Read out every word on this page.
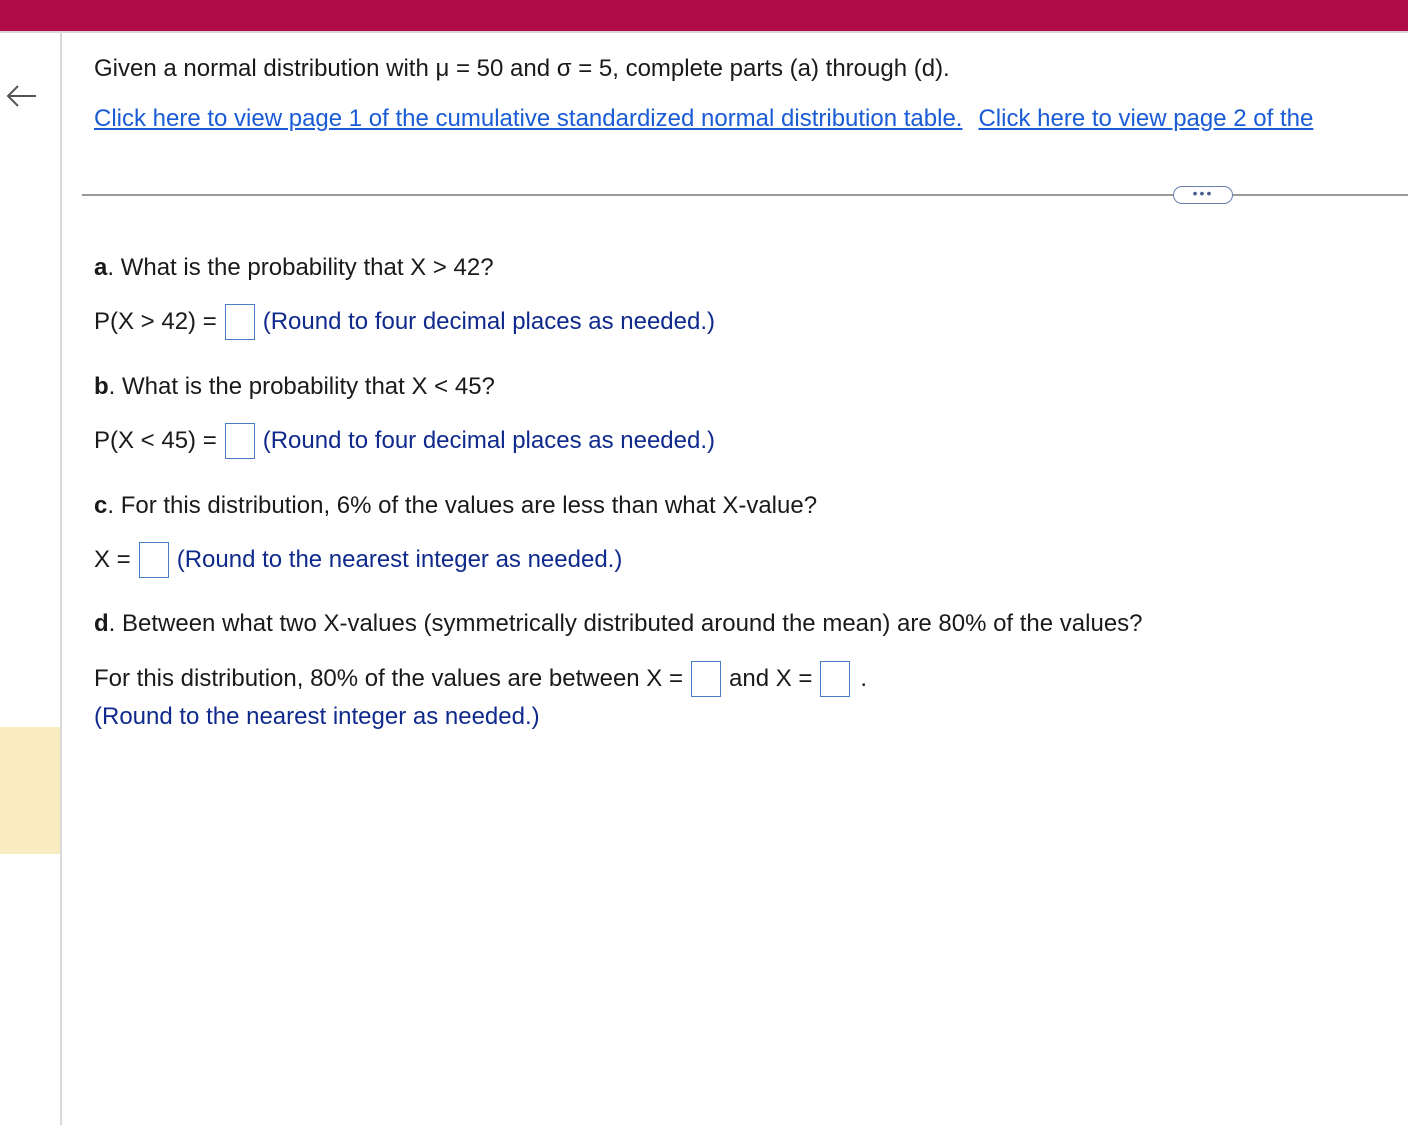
Given a normal distribution with μ = 50 and σ = 5, complete parts (a) through (d).
Click here to view page 1 of the cumulative standardized normal distribution table. Click here to view page 2 of the
•••
a. What is the probability that X > 42?
P(X > 42) = (Round to four decimal places as needed.)
b. What is the probability that X < 45?
P(X < 45) = (Round to four decimal places as needed.)
c. For this distribution, 6% of the values are less than what X-value?
X = (Round to the nearest integer as needed.)
d. Between what two X-values (symmetrically distributed around the mean) are 80% of the values?
For this distribution, 80% of the values are between X = and X = .
(Round to the nearest integer as needed.)
